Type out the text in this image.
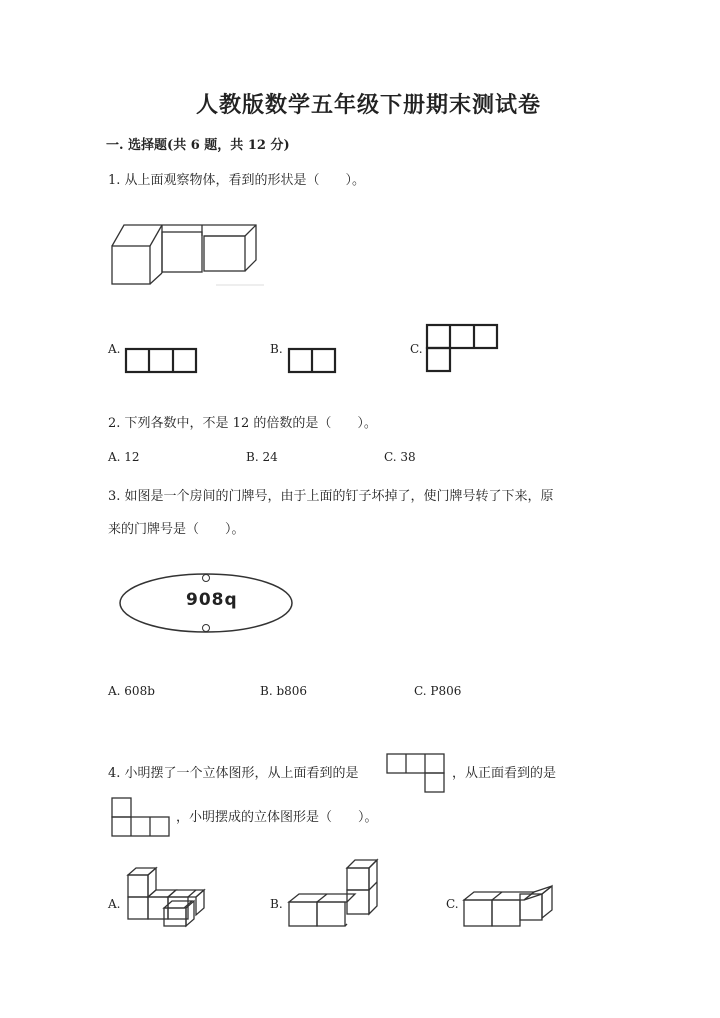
人教版数学五年级下册期末测试卷
一. 选择题(共 6 题，共 12 分)
1. 从上面观察物体，看到的形状是（　　）。
A.	B.	C.
2. 下列各数中，不是 12 的倍数的是（　　）。
A. 12	B. 24	C. 38
3. 如图是一个房间的门牌号，由于上面的钉子坏掉了，使门牌号转了下来，原
来的门牌号是（　　）。
908q
A. 608b	B. b806	C. P806
4. 小明摆了一个立体图形，从上面看到的是	，从正面看到的是
，小明摆成的立体图形是（　　）。
A.	B.	C.
